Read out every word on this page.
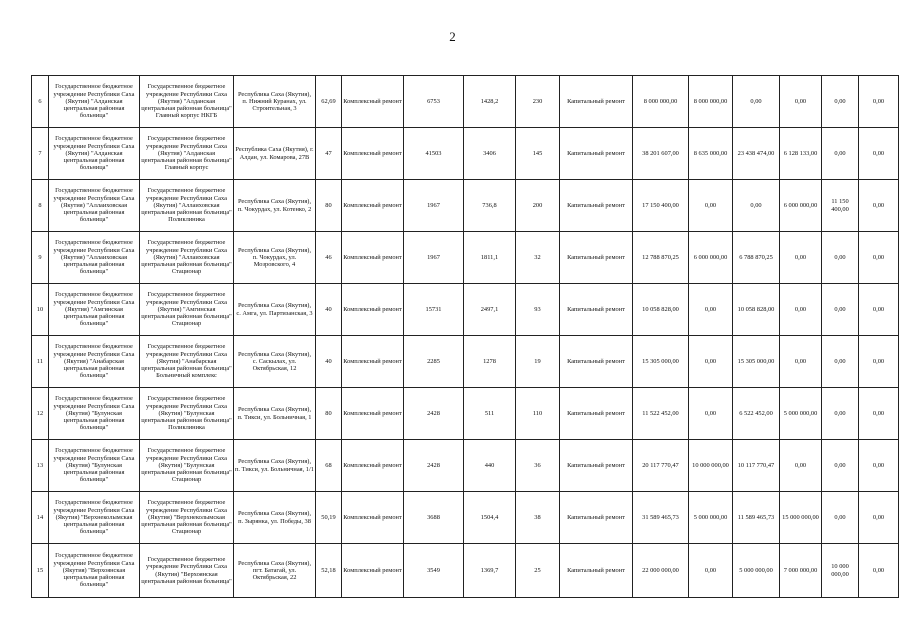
2
6	Государственное бюджетное учреждение Республики Саха (Якутия) "Алданская центральная районная больница"	Государственное бюджетное учреждение Республики Саха (Якутия) "Алданская центральная районная больница" Главный корпус НКГБ	Республика Саха (Якутия), п. Нижний Куранах, ул. Строительная, 3	62,69	Комплексный ремонт	6753	1428,2	230	Капитальный ремонт	8 000 000,00	8 000 000,00	0,00	0,00	0,00	0,00
7	Государственное бюджетное учреждение Республики Саха (Якутия) "Алданская центральная районная больница"	Государственное бюджетное учреждение Республики Саха (Якутия) "Алданская центральная районная больница" Главный корпус	Республика Саха (Якутия), г. Алдан, ул. Комарова, 27В	47	Комплексный ремонт	41503	3406	145	Капитальный ремонт	38 201 607,00	8 635 000,00	23 438 474,00	6 128 133,00	0,00	0,00
8	Государственное бюджетное учреждение Республики Саха (Якутия) "Аллаиховская центральная районная больница"	Государственное бюджетное учреждение Республики Саха (Якутия) "Аллаиховская центральная районная больница" Поликлиника	Республика Саха (Якутия), п. Чокурдах, ул. Котенко, 2	80	Комплексный ремонт	1967	736,8	200	Капитальный ремонт	17 150 400,00	0,00	0,00	6 000 000,00	11 150 400,00	0,00
9	Государственное бюджетное учреждение Республики Саха (Якутия) "Аллаиховская центральная районная больница"	Государственное бюджетное учреждение Республики Саха (Якутия) "Аллаиховская центральная районная больница" Стационар	Республика Саха (Якутия), п. Чокурдах, ул. Мозровского, 4	46	Комплексный ремонт	1967	1811,1	32	Капитальный ремонт	12 788 870,25	6 000 000,00	6 788 870,25	0,00	0,00	0,00
10	Государственное бюджетное учреждение Республики Саха (Якутия) "Амгинская центральная районная больница"	Государственное бюджетное учреждение Республики Саха (Якутия) "Амгинская центральная районная больница" Стационар	Республика Саха (Якутия), с. Амга, ул. Партизанская, 3	40	Комплексный ремонт	15731	2497,1	93	Капитальный ремонт	10 058 828,00	0,00	10 058 828,00	0,00	0,00	0,00
11	Государственное бюджетное учреждение Республики Саха (Якутия) "Анабарская центральная районная больница"	Государственное бюджетное учреждение Республики Саха (Якутия) "Анабарская центральная районная больница" Больничный комплекс	Республика Саха (Якутия), с. Саскылах, ул. Октябрьская, 12	40	Комплексный ремонт	2285	1278	19	Капитальный ремонт	15 305 000,00	0,00	15 305 000,00	0,00	0,00	0,00
12	Государственное бюджетное учреждение Республики Саха (Якутия) "Булунская центральная районная больница"	Государственное бюджетное учреждение Республики Саха (Якутия) "Булунская центральная районная больница" Поликлиника	Республика Саха (Якутия), п. Тикси, ул. Больничная, 1	80	Комплексный ремонт	2428	511	110	Капитальный ремонт	11 522 452,00	0,00	6 522 452,00	5 000 000,00	0,00	0,00
13	Государственное бюджетное учреждение Республики Саха (Якутия) "Булунская центральная районная больница"	Государственное бюджетное учреждение Республики Саха (Якутия) "Булунская центральная районная больница" Стационар	Республика Саха (Якутия), п. Тикси, ул. Больничная, 1/1	68	Комплексный ремонт	2428	440	36	Капитальный ремонт	20 117 770,47	10 000 000,00	10 117 770,47	0,00	0,00	0,00
14	Государственное бюджетное учреждение Республики Саха (Якутия) "Верхнеколымская центральная районная больница"	Государственное бюджетное учреждение Республики Саха (Якутия) "Верхнеколымская центральная районная больница" Стационар	Республика Саха (Якутия), п. Зырянка, ул. Победы, 38	50,19	Комплексный ремонт	3688	1504,4	38	Капитальный ремонт	31 589 465,73	5 000 000,00	11 589 465,73	15 000 000,00	0,00	0,00
15	Государственное бюджетное учреждение Республики Саха (Якутия) "Верхоянская центральная районная больница"	Государственное бюджетное учреждение Республики Саха (Якутия) "Верхоянская центральная районная больница"	Республика Саха (Якутия), пгт. Батагай, ул. Октябрьская, 22	52,18	Комплексный ремонт	3549	1369,7	25	Капитальный ремонт	22 000 000,00	0,00	5 000 000,00	7 000 000,00	10 000 000,00	0,00
